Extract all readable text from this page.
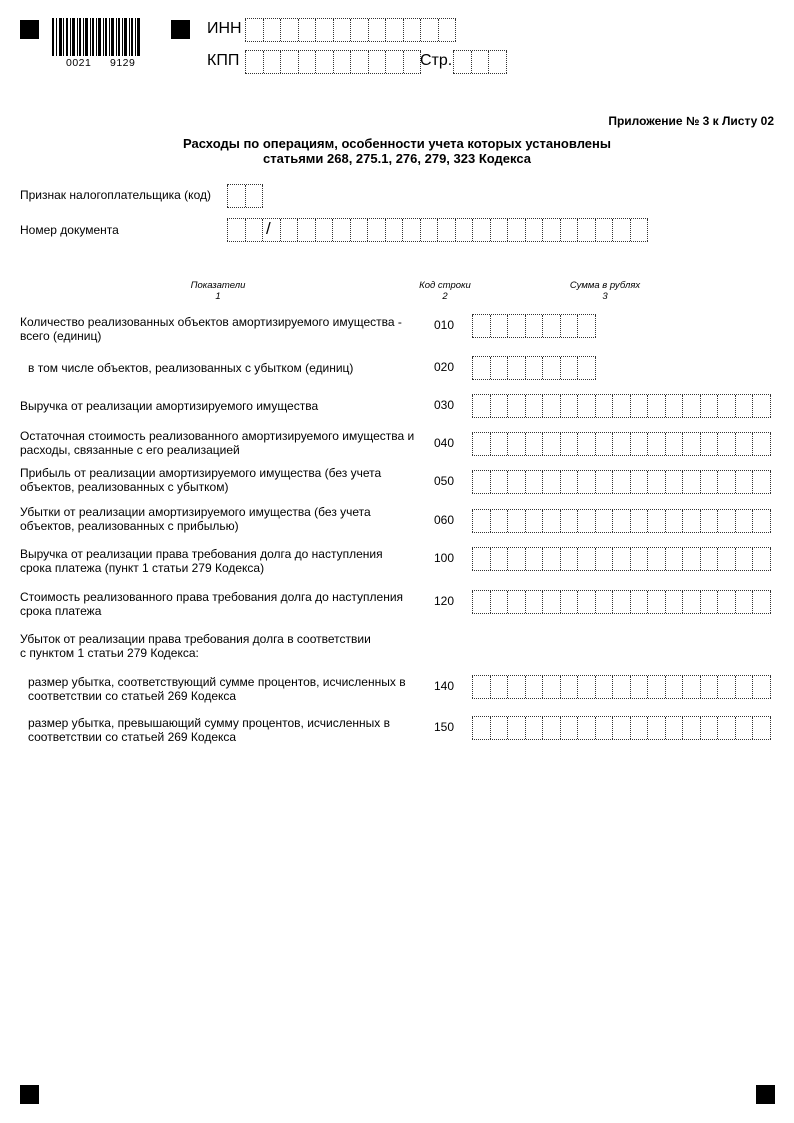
0021 9129
ИНН
КПП	Стр.
Приложение № 3 к Листу 02
Расходы по операциям, особенности учета которых установлены
статьями 268, 275.1, 276, 279, 323 Кодекса
Признак налогоплательщика (код)
Номер документа	/
Показатели
1
Код строки
2
Сумма в рублях
3
Количество реализованных объектов амортизируемого имущества -
всего (единиц)
010
в том числе объектов, реализованных с убытком (единиц)	020
Выручка от реализации амортизируемого имущества	030
Остаточная стоимость реализованного амортизируемого имущества и
расходы, связанные с его реализацией	040
Прибыль от реализации амортизируемого имущества (без учета
объектов, реализованных с убытком)	050
Убытки от реализации амортизируемого имущества (без учета
объектов, реализованных с прибылью)	060
Выручка от реализации права требования долга до наступления
срока платежа (пункт 1 статьи 279 Кодекса)
100
Стоимость реализованного права требования долга до наступления
срока платежа
120
Убыток от реализации права требования долга в соответствии
с пунктом 1 статьи 279 Кодекса:
размер убытка, соответствующий сумме процентов, исчисленных в
соответствии со статьей 269 Кодекса
140
размер убытка, превышающий сумму процентов, исчисленных в
соответствии со статьей 269 Кодекса
150
